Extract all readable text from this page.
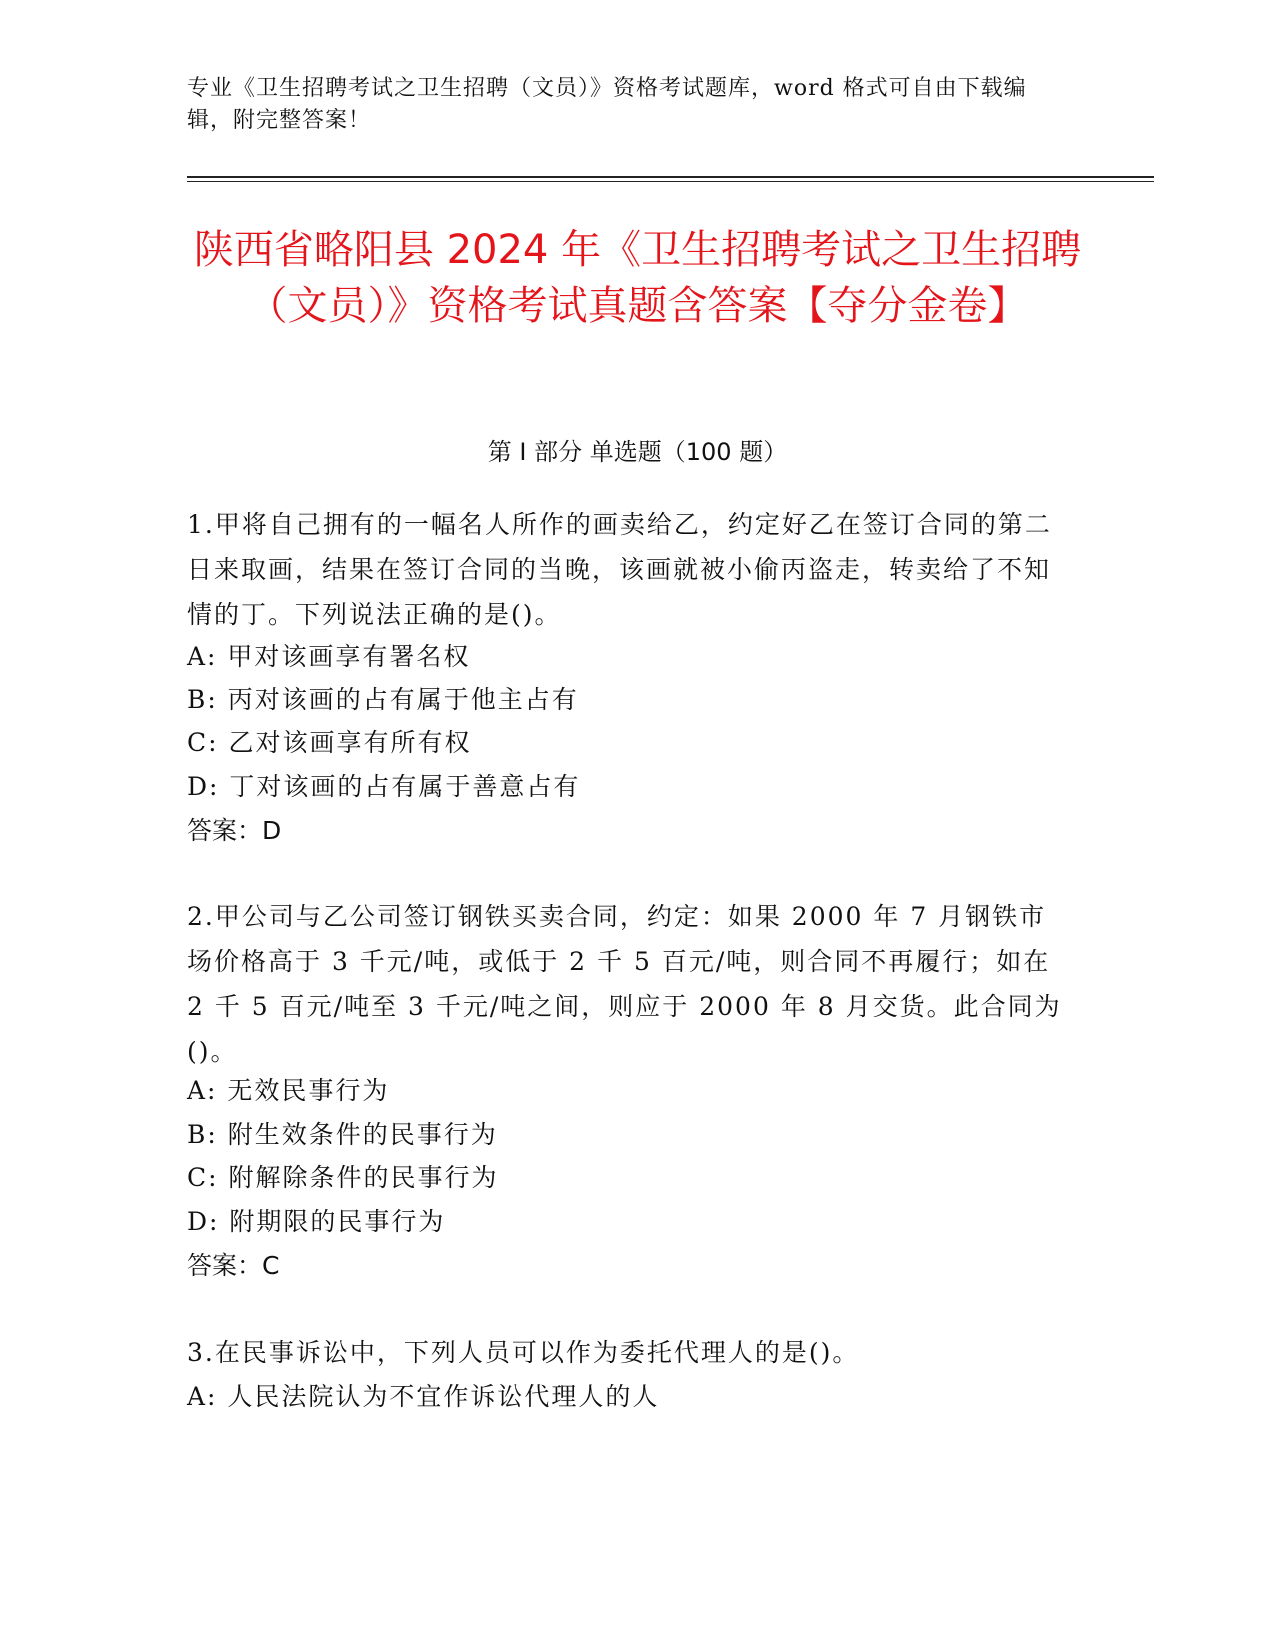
专业《卫生招聘考试之卫生招聘（文员）》资格考试题库，word 格式可自由下载编辑，附完整答案！
陕西省略阳县 2024 年《卫生招聘考试之卫生招聘（文员）》资格考试真题含答案【夺分金卷】
第 I 部分 单选题（100 题）
1.甲将自己拥有的一幅名人所作的画卖给乙，约定好乙在签订合同的第二日来取画，结果在签订合同的当晚，该画就被小偷丙盗走，转卖给了不知情的丁。下列说法正确的是()。
A: 甲对该画享有署名权
B: 丙对该画的占有属于他主占有
C: 乙对该画享有所有权
D: 丁对该画的占有属于善意占有
答案：D
2.甲公司与乙公司签订钢铁买卖合同，约定：如果 2000 年 7 月钢铁市场价格高于 3 千元/吨，或低于 2 千 5 百元/吨，则合同不再履行；如在 2 千 5 百元/吨至 3 千元/吨之间，则应于 2000 年 8 月交货。此合同为()。
A: 无效民事行为
B: 附生效条件的民事行为
C: 附解除条件的民事行为
D: 附期限的民事行为
答案：C
3.在民事诉讼中，下列人员可以作为委托代理人的是()。
A: 人民法院认为不宜作诉讼代理人的人
